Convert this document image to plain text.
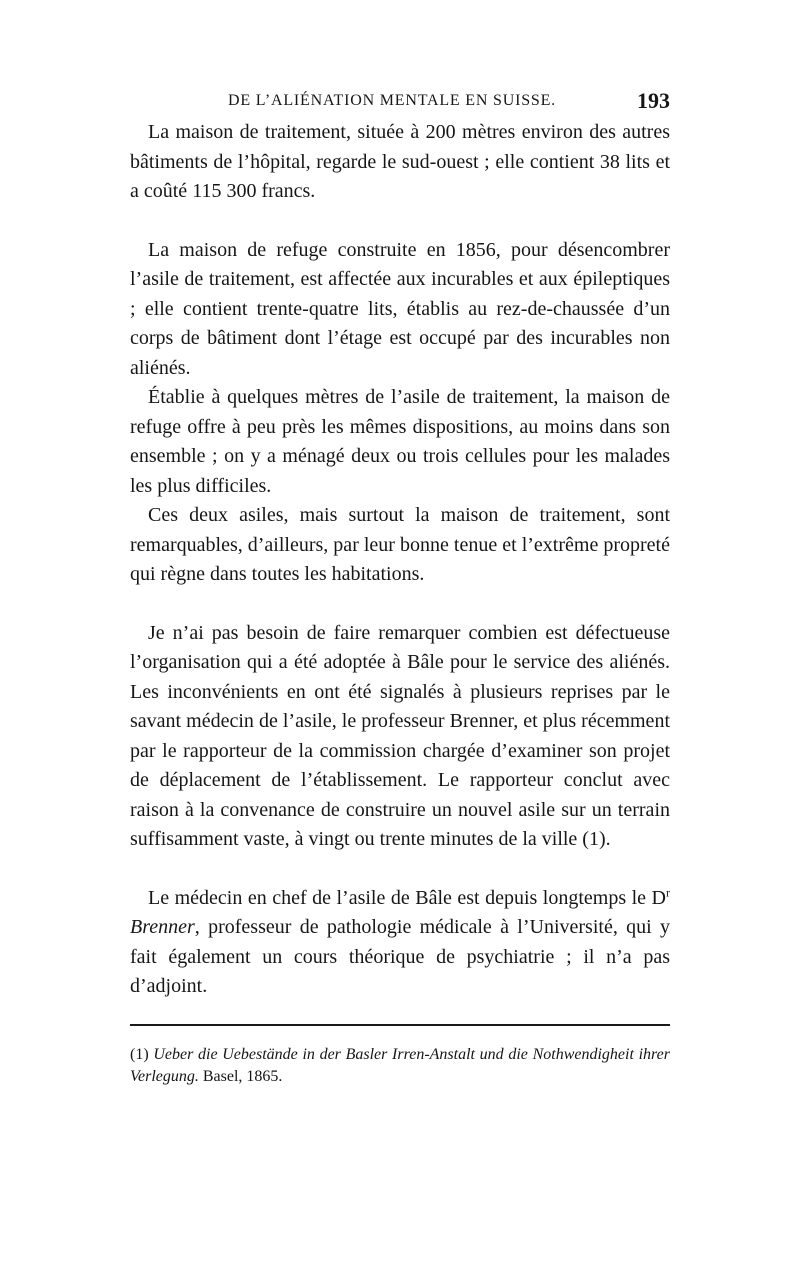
DE L’ALIÉNATION MENTALE EN SUISSE.	193

La maison de traitement, située à 200 mètres environ des autres bâtiments de l’hôpital, regarde le sud-ouest ; elle contient 38 lits et a coûté 115 300 francs.

La maison de refuge construite en 1856, pour désencombrer l’asile de traitement, est affectée aux incurables et aux épileptiques ; elle contient trente-quatre lits, établis au rez-de-chaussée d’un corps de bâtiment dont l’étage est occupé par des incurables non aliénés.

Établie à quelques mètres de l’asile de traitement, la maison de refuge offre à peu près les mêmes dispositions, au moins dans son ensemble ; on y a ménagé deux ou trois cellules pour les malades les plus difficiles.

Ces deux asiles, mais surtout la maison de traitement, sont remarquables, d’ailleurs, par leur bonne tenue et l’extrême propreté qui règne dans toutes les habitations.

Je n’ai pas besoin de faire remarquer combien est défectueuse l’organisation qui a été adoptée à Bâle pour le service des aliénés. Les inconvénients en ont été signalés à plusieurs reprises par le savant médecin de l’asile, le professeur Brenner, et plus récemment par le rapporteur de la commission chargée d’examiner son projet de déplacement de l’établissement. Le rapporteur conclut avec raison à la convenance de construire un nouvel asile sur un terrain suffisamment vaste, à vingt ou trente minutes de la ville (1).

Le médecin en chef de l’asile de Bâle est depuis longtemps le $D^r$ Brenner, professeur de pathologie médicale à l’Université, qui y fait également un cours théorique de psychiatrie ; il n’a pas d’adjoint.

(1) Ueber die Uebestände in der Basler Irren-Anstalt und die Nothwendigheit ihrer Verlegung. Basel, 1865.
